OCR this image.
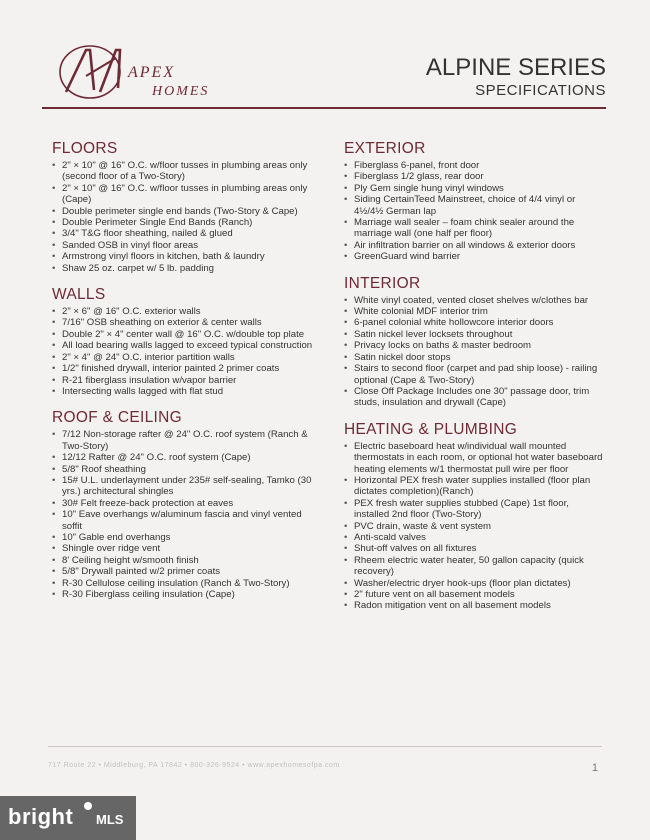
APEX
HOMES
ALPINE SERIES
SPECIFICATIONS
FLOORS
• 2" × 10" @ 16" O.C. w/floor tusses in plumbing areas only (second floor of a Two-Story)
• 2" × 10" @ 16" O.C. w/floor tusses in plumbing areas only (Cape)
• Double perimeter single end bands (Two-Story & Cape)
• Double Perimeter Single End Bands (Ranch)
• 3/4" T&G floor sheathing, nailed & glued
• Sanded OSB in vinyl floor areas
• Armstrong vinyl floors in kitchen, bath & laundry
• Shaw 25 oz. carpet w/ 5 lb. padding
WALLS
• 2" × 6" @ 16" O.C. exterior walls
• 7/16" OSB sheathing on exterior & center walls
• Double 2" × 4" center wall @ 16" O.C. w/double top plate
• All load bearing walls lagged to exceed typical construction
• 2" × 4" @ 24" O.C. interior partition walls
• 1/2" finished drywall, interior painted 2 primer coats
• R-21 fiberglass insulation w/vapor barrier
• Intersecting walls lagged with flat stud
ROOF & CEILING
• 7/12 Non-storage rafter @ 24" O.C. roof system (Ranch & Two-Story)
• 12/12 Rafter @ 24" O.C. roof system (Cape)
• 5/8" Roof sheathing
• 15# U.L. underlayment under 235# self-sealing, Tamko (30 yrs.) architectural shingles
• 30# Felt freeze-back protection at eaves
• 10" Eave overhangs w/aluminum fascia and vinyl vented soffit
• 10" Gable end overhangs
• Shingle over ridge vent
• 8' Ceiling height w/smooth finish
• 5/8" Drywall painted w/2 primer coats
• R-30 Cellulose ceiling insulation (Ranch & Two-Story)
• R-30 Fiberglass ceiling insulation (Cape)
EXTERIOR
• Fiberglass 6-panel, front door
• Fiberglass 1/2 glass, rear door
• Ply Gem single hung vinyl windows
• Siding CertainTeed Mainstreet, choice of 4/4 vinyl or 4½/4½ German lap
• Marriage wall sealer – foam chink sealer around the marriage wall (one half per floor)
• Air infiltration barrier on all windows & exterior doors
• GreenGuard wind barrier
INTERIOR
• White vinyl coated, vented closet shelves w/clothes bar
• White colonial MDF interior trim
• 6-panel colonial white hollowcore interior doors
• Satin nickel lever locksets throughout
• Privacy locks on baths & master bedroom
• Satin nickel door stops
• Stairs to second floor (carpet and pad ship loose) - railing optional (Cape & Two-Story)
• Close Off Package Includes one 30" passage door, trim studs, insulation and drywall (Cape)
HEATING & PLUMBING
• Electric baseboard heat w/individual wall mounted thermostats in each room, or optional hot water baseboard heating elements w/1 thermostat pull wire per floor
• Horizontal PEX fresh water supplies installed (floor plan dictates completion)(Ranch)
• PEX fresh water supplies stubbed (Cape) 1st floor, installed 2nd floor (Two-Story)
• PVC drain, waste & vent system
• Anti-scald valves
• Shut-off valves on all fixtures
• Rheem electric water heater, 50 gallon capacity (quick recovery)
• Washer/electric dryer hook-ups (floor plan dictates)
• 2" future vent on all basement models
• Radon mitigation vent on all basement models
717 Route 22 • Middleburg, PA 17842 • 800-326-9524 • www.apexhomesofpa.com	1
bright MLS
